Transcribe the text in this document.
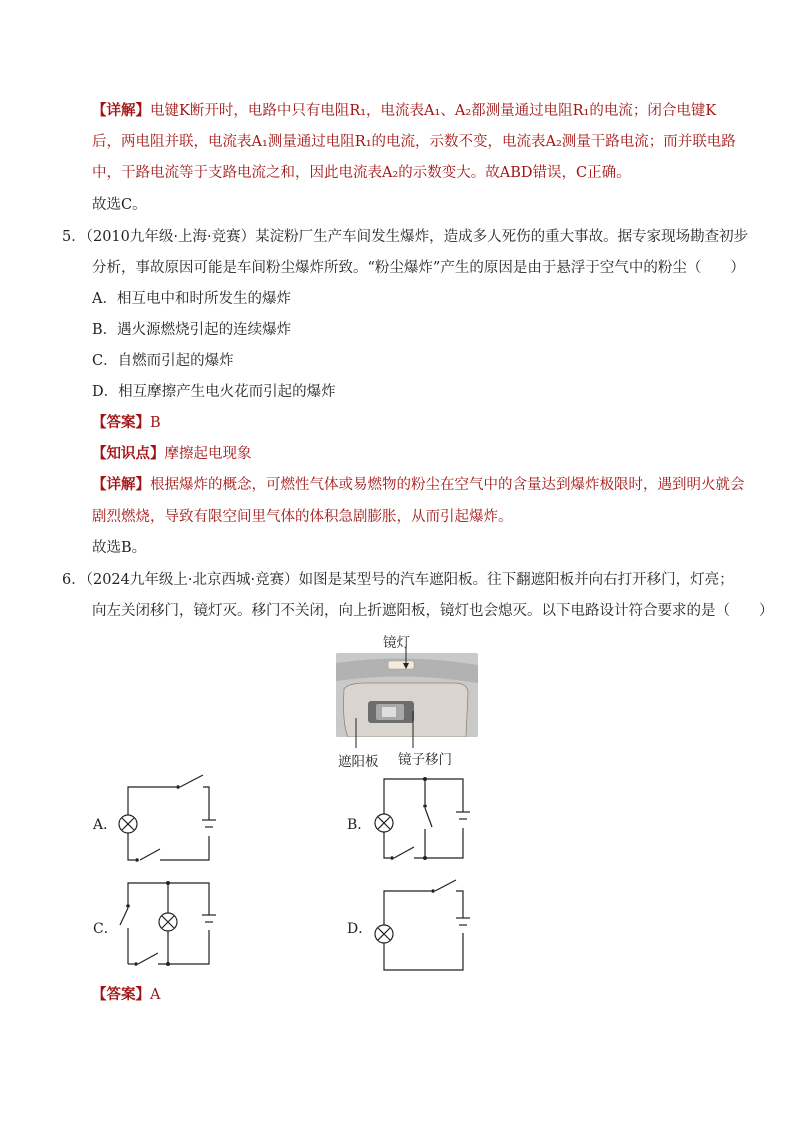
【详解】电键K断开时，电路中只有电阻R₁，电流表A₁、A₂都测量通过电阻R₁的电流；闭合电键K
后，两电阻并联，电流表A₁测量通过电阻R₁的电流，示数不变，电流表A₂测量干路电流；而并联电路
中，干路电流等于支路电流之和，因此电流表A₂的示数变大。故ABD错误，C正确。
故选C。
5．（2010九年级·上海·竞赛）某淀粉厂生产车间发生爆炸，造成多人死伤的重大事故。据专家现场勘查初步
分析，事故原因可能是车间粉尘爆炸所致。“粉尘爆炸”产生的原因是由于悬浮于空气中的粉尘（　　）
A．相互电中和时所发生的爆炸
B．遇火源燃烧引起的连续爆炸
C．自燃而引起的爆炸
D．相互摩擦产生电火花而引起的爆炸
【答案】B
【知识点】摩擦起电现象
【详解】根据爆炸的概念，可燃性气体或易燃物的粉尘在空气中的含量达到爆炸极限时，遇到明火就会
剧烈燃烧，导致有限空间里气体的体积急剧膨胀，从而引起爆炸。
故选B。
6．（2024九年级上·北京西城·竞赛）如图是某型号的汽车遮阳板。往下翻遮阳板并向右打开移门，灯亮；
向左关闭移门，镜灯灭。移门不关闭，向上折遮阳板，镜灯也会熄灭。以下电路设计符合要求的是（　　）
镜灯
遮阳板 镜子移门
A．	B．
C．	D．
【答案】A
